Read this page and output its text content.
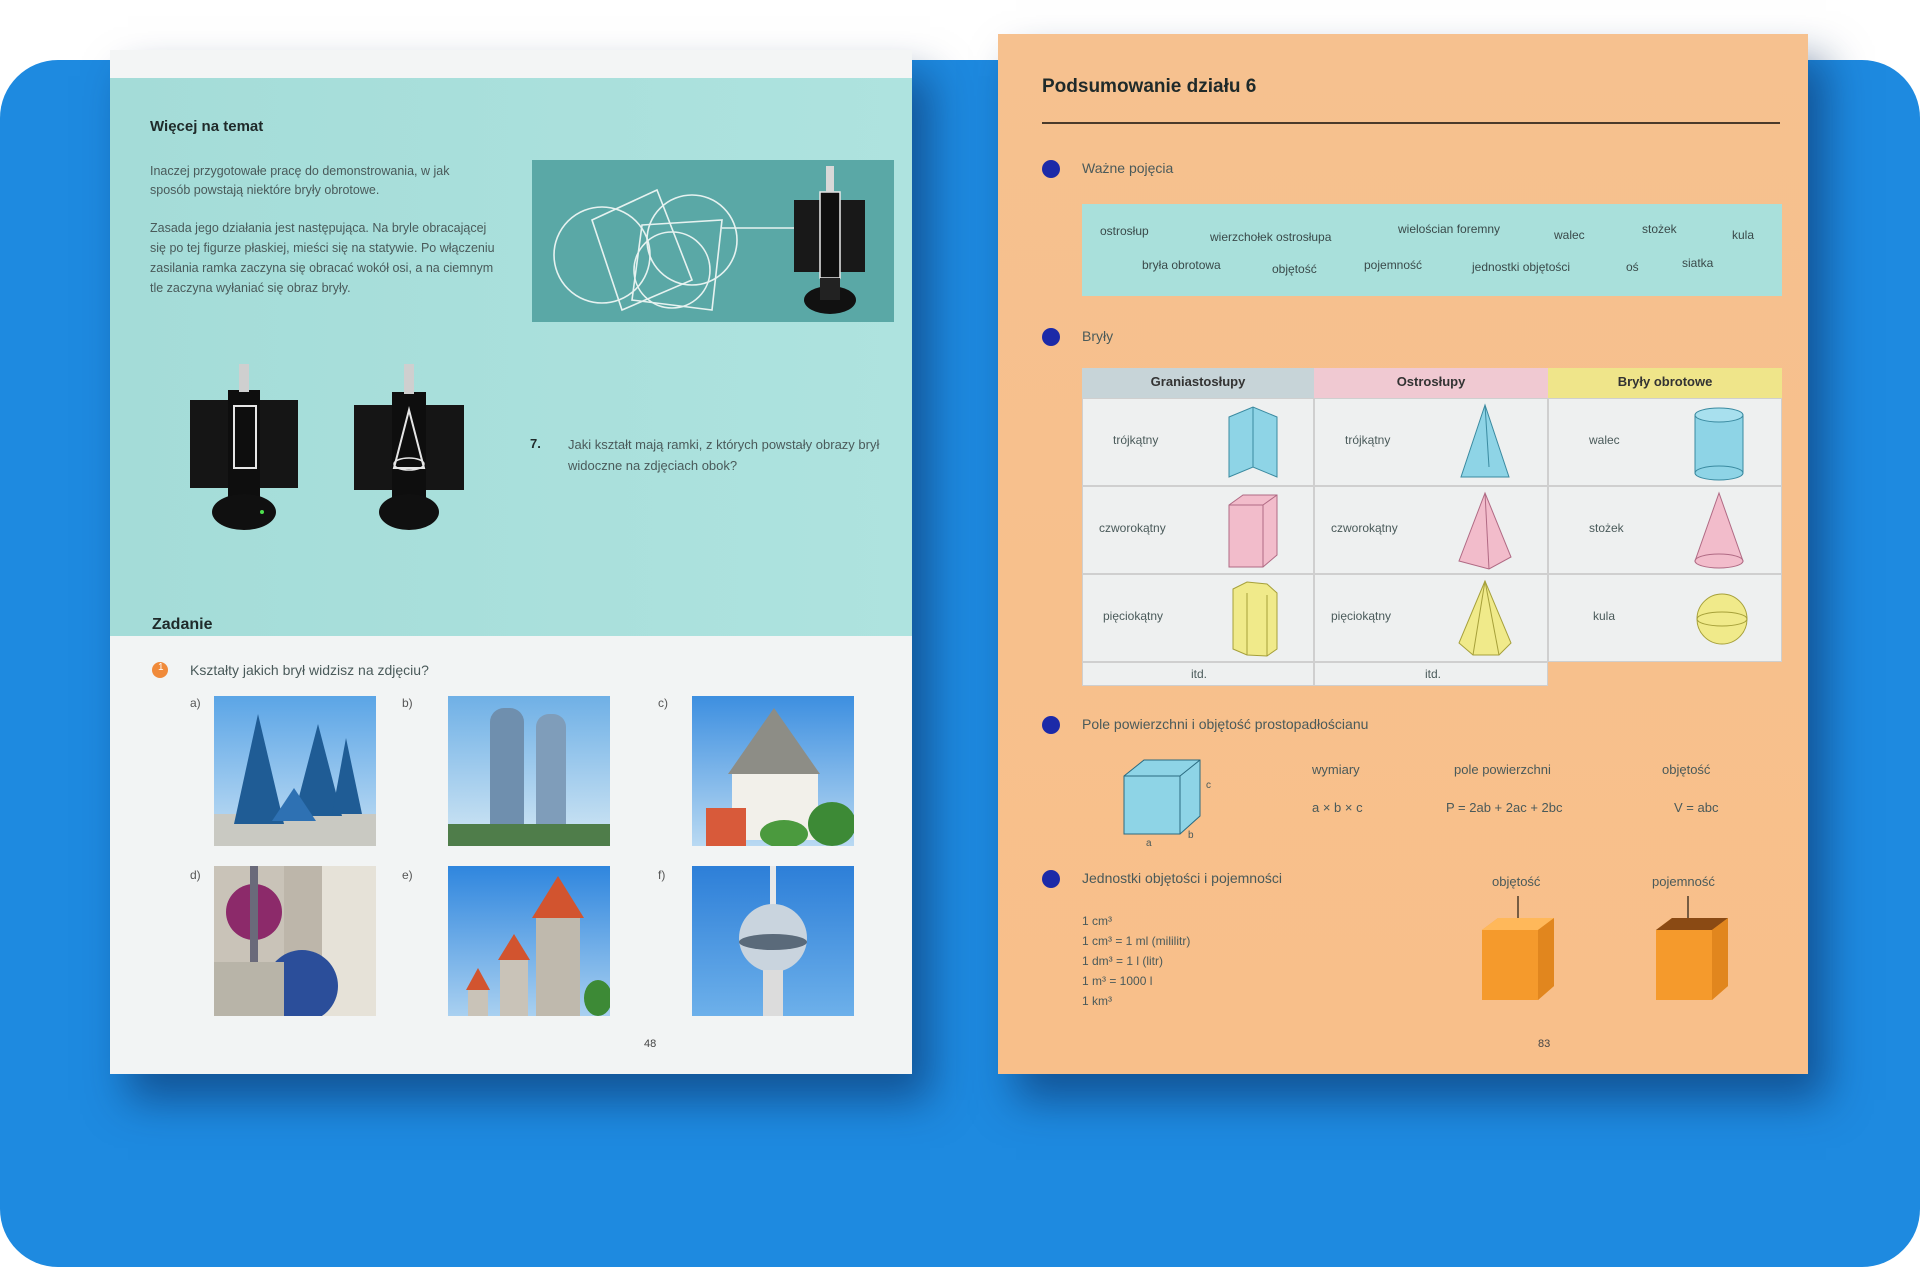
Więcej na temat
Inaczej przygotowałe pracę do demonstrowania, w jak sposób powstają niektóre bryły obrotowe.
Zasada jego działania jest następująca. Na bryle obracającej się po tej figurze płaskiej, mieści się na statywie. Po włączeniu zasilania ramka zaczyna się obracać wokół osi, a na ciemnym tle zaczyna wyłaniać się obraz bryły.
7. Jaki kształt mają ramki, z których powstały obrazy brył widoczne na zdjęciach obok?
Zadanie
1 Kształty jakich brył widzisz na zdjęciu?
a)	b)	c)
d)	e)	f)
48
Podsumowanie działu 6
Ważne pojęcia
ostrosłup	wierzchołek ostrosłupa
wielościan foremny	walec	stożek	kula
bryła obrotowa	objętość	pojemność	jednostki objętości	oś	siatka
Bryły
Graniastosłupy	Ostrosłupy	Bryły obrotowe
trójkątny	trójkątny	walec
czworokątny	czworokątny	stożek
pięciokątny	pięciokątny	kula
itd.	itd.
Pole powierzchni i objętość prostopadłościanu
a
b
c
wymiary	pole powierzchni	objętość
a × b × c	P = 2ab + 2ac + 2bc	V = abc
Jednostki objętości i pojemności
1 cm³
1 cm³ = 1 ml (mililitr)
1 dm³ = 1 l (litr)
1 m³ = 1000 l
1 km³
objętość	pojemność
83
